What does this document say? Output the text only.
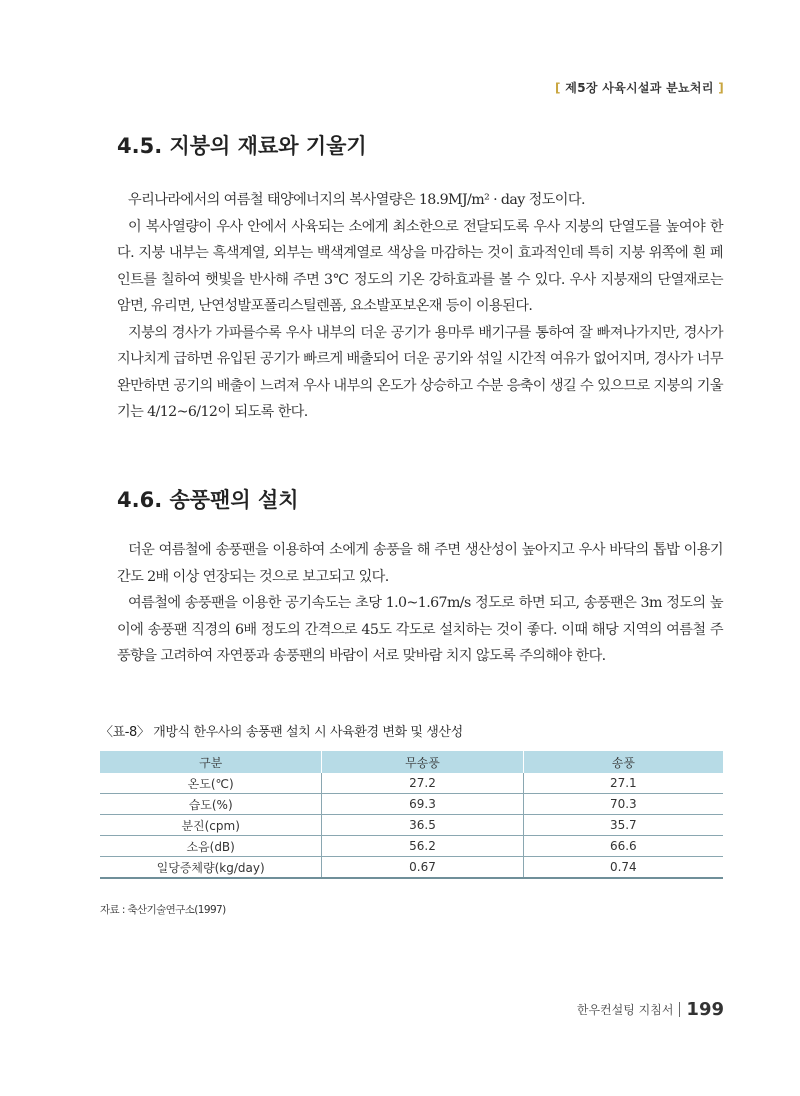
[ 제5장 사육시설과 분뇨처리 ]
4.5. 지붕의 재료와 기울기

우리나라에서의 여름철 태양에너지의 복사열량은 18.9MJ/m² · day 정도이다.

이 복사열량이 우사 안에서 사육되는 소에게 최소한으로 전달되도록 우사 지붕의 단열도를 높여야 한다. 지붕 내부는 흑색계열, 외부는 백색계열로 색상을 마감하는 것이 효과적인데 특히 지붕 위쪽에 흰 페인트를 칠하여 햇빛을 반사해 주면 3℃ 정도의 기온 강하효과를 볼 수 있다. 우사 지붕재의 단열재로는 암면, 유리면, 난연성발포폴리스틸렌폼, 요소발포보온재 등이 이용된다.

지붕의 경사가 가파를수록 우사 내부의 더운 공기가 용마루 배기구를 통하여 잘 빠져나가지만, 경사가 지나치게 급하면 유입된 공기가 빠르게 배출되어 더운 공기와 섞일 시간적 여유가 없어지며, 경사가 너무 완만하면 공기의 배출이 느려져 우사 내부의 온도가 상승하고 수분 응축이 생길 수 있으므로 지붕의 기울기는 4/12~6/12이 되도록 한다.

4.6. 송풍팬의 설치

더운 여름철에 송풍팬을 이용하여 소에게 송풍을 해 주면 생산성이 높아지고 우사 바닥의 톱밥 이용기간도 2배 이상 연장되는 것으로 보고되고 있다.

여름철에 송풍팬을 이용한 공기속도는 초당 1.0~1.67m/s 정도로 하면 되고, 송풍팬은 3m 정도의 높이에 송풍팬 직경의 6배 정도의 간격으로 45도 각도로 설치하는 것이 좋다. 이때 해당 지역의 여름철 주풍향을 고려하여 자연풍과 송풍팬의 바람이 서로 맞바람 치지 않도록 주의해야 한다.

〈표-8〉 개방식 한우사의 송풍팬 설치 시 사육환경 변화 및 생산성
구분	무송풍	송풍
온도(℃)	27.2	27.1
습도(%)	69.3	70.3
분진(cpm)	36.5	35.7
소음(dB)	56.2	66.6
일당증체량(kg/day)	0.67	0.74
자료 : 축산기술연구소(1997)
한우컨설팅 지침서 199
